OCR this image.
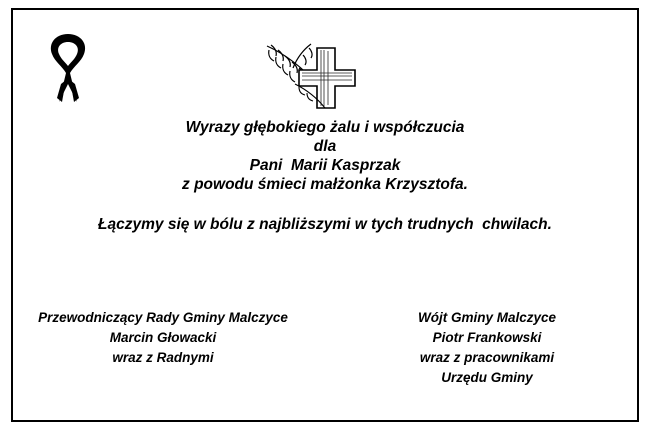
Wyrazy głębokiego żalu i współczucia
dla
Pani  Marii Kasprzak
z powodu śmieci małżonka Krzysztofa.
Łączymy się w bólu z najbliższymi w tych trudnych  chwilach.
Przewodniczący Rady Gminy Malczyce
Marcin Głowacki
wraz z Radnymi
Wójt Gminy Malczyce
Piotr Frankowski
wraz z pracownikami
Urzędu Gminy
